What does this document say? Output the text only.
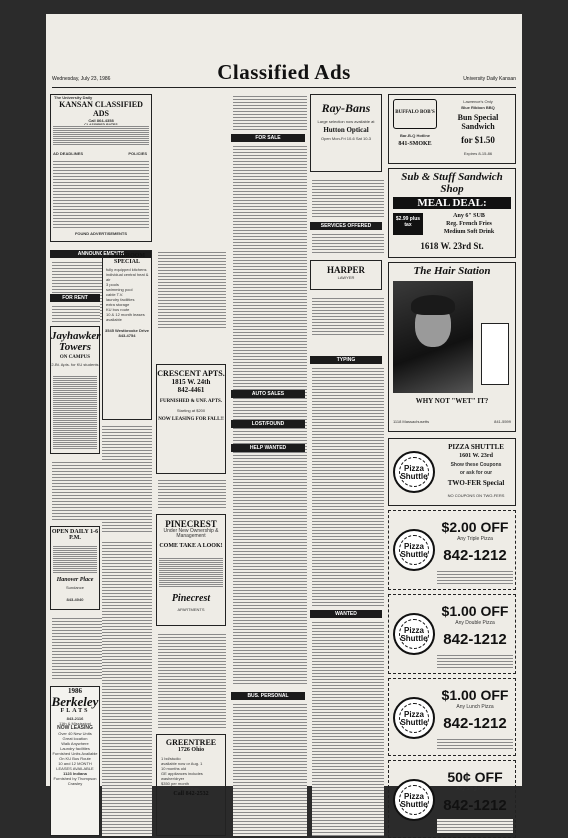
Wednesday, July 23, 1986	Classified Ads	University Daily Kansan
The University Daily
KANSAN CLASSIFIED ADS
Call 864-4358
AD DEADLINES	POLICIES
FOUND ADVERTISEMENTS
ANNOUNCEMENTS
FOR RENT
Jayhawker Towers
ON CAMPUS
2-Bt. Apts. for KU students
OPEN DAILY 1-6 P.M.
Hanover Place
Sundance
843-4040
1986
Berkeley
FLATS
843-2116
11th & Mississippi
NOW LEASING
Over 40 New Units
Great location
Walk Anywhere
Laundry facilities
Furnished Units Available
On KU Bus Route
10 and 12 MONTH LEASES AVAILABLE
1123 Indiana
Furnished by Thompson Crawley
2 BEDROOM SPECIAL
fully equipped kitchens
individual central heat & air
3 pools
swimming pool
cable T.V.
laundry facilities
extra storage
KU bus route
10 & 12 month leases available
3545 Westbrooke Drive
843-4754
CRESCENT APTS.
1815 W. 24th
842-4461
FURNISHED & UNF. APTS.
Starting at $200
NOW LEASING FOR FALL!!
PINECREST
Under New Ownership & Management
COME TAKE A LOOK!
Pinecrest
APARTMENTS
GREENTREE
1726 Ohio
1 bd/studio
available now or Aug. 1
10 months old
GE appliances includes washer/dryer
$350 per month
-evenings-
Call 842-2532
FOR SALE
AUTO SALES
LOST/FOUND
HELP WANTED
BUS. PERSONAL
Ray-Bans
Large selection now available at
Hutton Optical
Open Mon-Fri 10-6 Sat 10-3
SERVICES OFFERED
HARPER
LAWYER
TYPING
WANTED
BUFFALO BOB'S
Bar-B-Q Hotline
841-SMOKE
Lawrence's Only
Blue Ribbon BBQ
Bun Special Sandwich
for $1.50
Expires 8-15-86
Sub & Stuff Sandwich Shop
MEAL DEAL:
$2.99 plus tax
Any 6" SUB
Reg. French Fries
Medium Soft Drink
1618 W. 23rd St.
The Hair Station
WHY NOT "WET" IT?
1118 Massachusetts	841-5599
Pizza Shuttle
PIZZA SHUTTLE
1601 W. 23rd
Show these Coupons
or ask for our
TWO-FER Special
NO COUPONS ON TWO-FERS
Pizza Shuttle
$2.00 OFF
Any Triple Pizza
842-1212
Pizza Shuttle
$1.00 OFF
Any Double Pizza
842-1212
Pizza Shuttle
$1.00 OFF
Any Lunch Pizza
842-1212
Pizza Shuttle
50¢ OFF
Any Single Pizza
842-1212
